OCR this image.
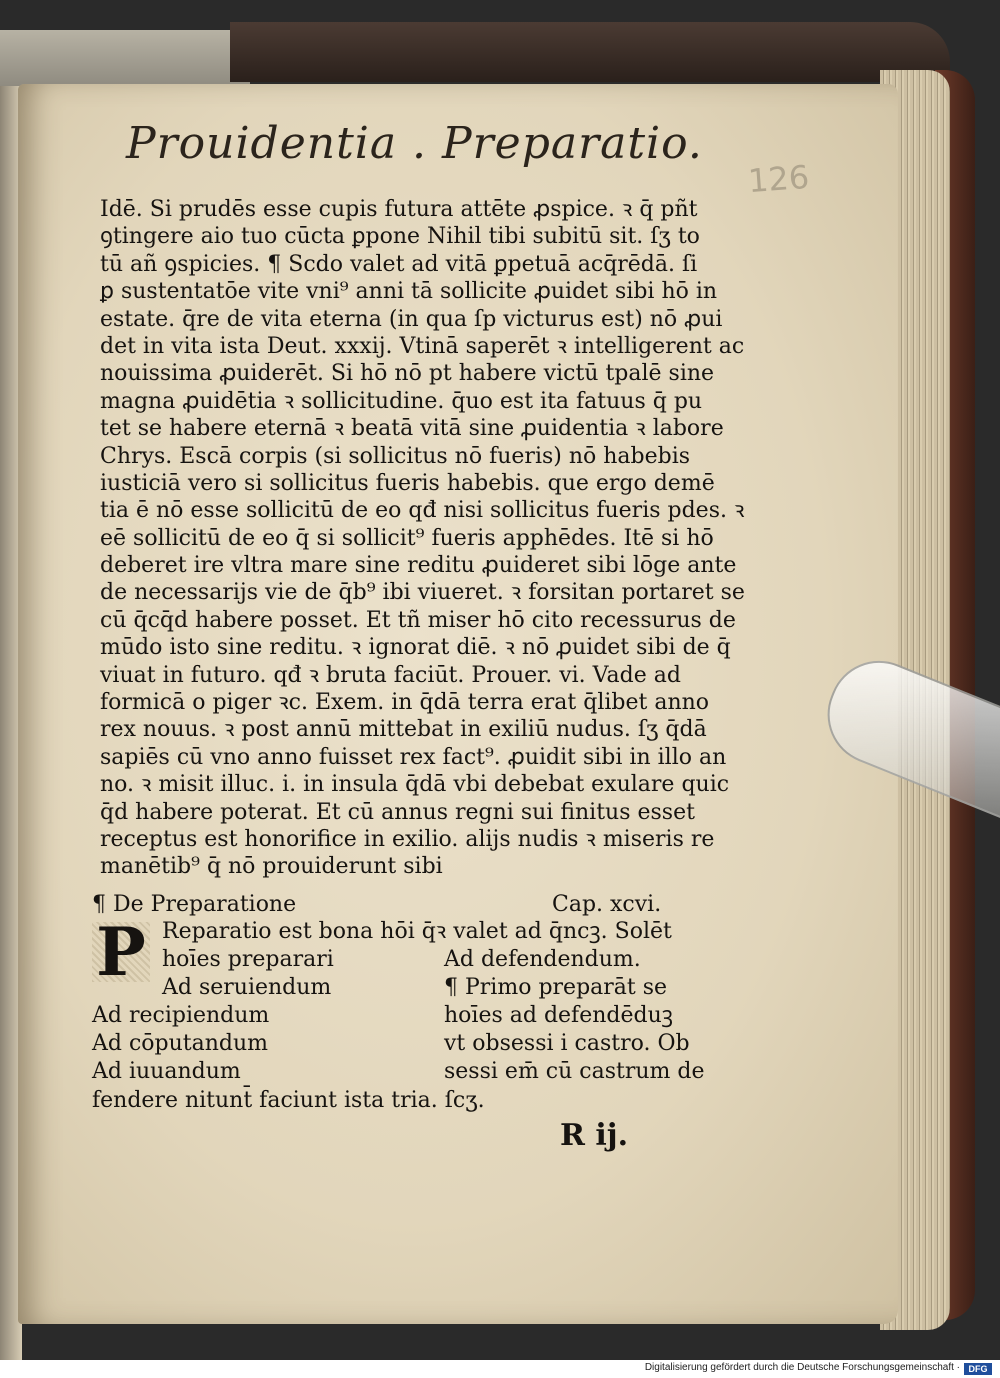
Prouidentia . Preparatio.
126
Idē. Si prudēs esse cupis futura attēte ꝓspice. ꝛ q̄ pñt
ꝯtingere aio tuo cūcta ꝑpone Nihil tibi subitū sit. ſʒ to
tū añ ꝯspicies. ¶ Scdo valet ad vitā ꝑpetuā acq̄rēdā. ſi
ꝑ sustentatōe vite vni⁹ anni tā sollicite ꝓuidet sibi hō in
estate. q̄re de vita eterna (in qua ſp victurus est) nō ꝓui
det in vita ista Deut. xxxij. Vtinā saperēt ꝛ intelligerent ac
nouissima ꝓuiderēt. Si hō nō pt habere victū tpalē sine
magna ꝓuidētia ꝛ sollicitudine. q̄uo est ita fatuus q̄ pu
tet se habere eternā ꝛ beatā vitā sine ꝓuidentia ꝛ labore
Chrys. Escā corpis (si sollicitus nō fueris) nō habebis
iusticiā vero si sollicitus fueris habebis. que ergo demē
tia ē nō esse sollicitū de eo qđ nisi sollicitus fueris pdes. ꝛ
eē sollicitū de eo q̄ si sollicit⁹ fueris apphēdes. Itē si hō
deberet ire vltra mare sine reditu ꝓuideret sibi lōge ante
de necessarijs vie de q̄b⁹ ibi viueret. ꝛ forsitan portaret se
cū q̄cq̄d habere posset. Et tñ miser hō cito recessurus de
mūdo isto sine reditu. ꝛ ignorat diē. ꝛ nō ꝓuidet sibi de q̄
viuat in futuro. qđ ꝛ bruta faciūt. Prouer. vi. Vade ad
formicā o piger ꝛc. Exem. in q̄dā terra erat q̄libet anno
rex nouus. ꝛ post annū mittebat in exiliū nudus. ſʒ q̄dā
sapiēs cū vno anno fuisset rex fact⁹. ꝓuidit sibi in illo an
no. ꝛ misit illuc. i. in insula q̄dā vbi debebat exulare quic
q̄d habere poterat. Et cū annus regni sui finitus esset
receptus est honorifice in exilio. alijs nudis ꝛ miseris re
manētib⁹ q̄ nō prouiderunt sibi
¶ De Preparatione	Cap. xcvi.
P Reparatio est bona hōi q̄ꝛ valet ad q̄ncꝫ. Solēt
hoīes preparari
Ad seruiendum
Ad recipiendum
Ad cōputandum
Ad iuuandum
Ad defendendum.
¶ Primo preparāt se
hoīes ad defendēduꝫ
vt obsessi i castro. Ob
sessi em̄ cū castrum de
fendere nitunt̄ faciunt ista tria. ſcʒ.
R ij.
Digitalisierung gefördert durch die Deutsche Forschungsgemeinschaft · DFG
